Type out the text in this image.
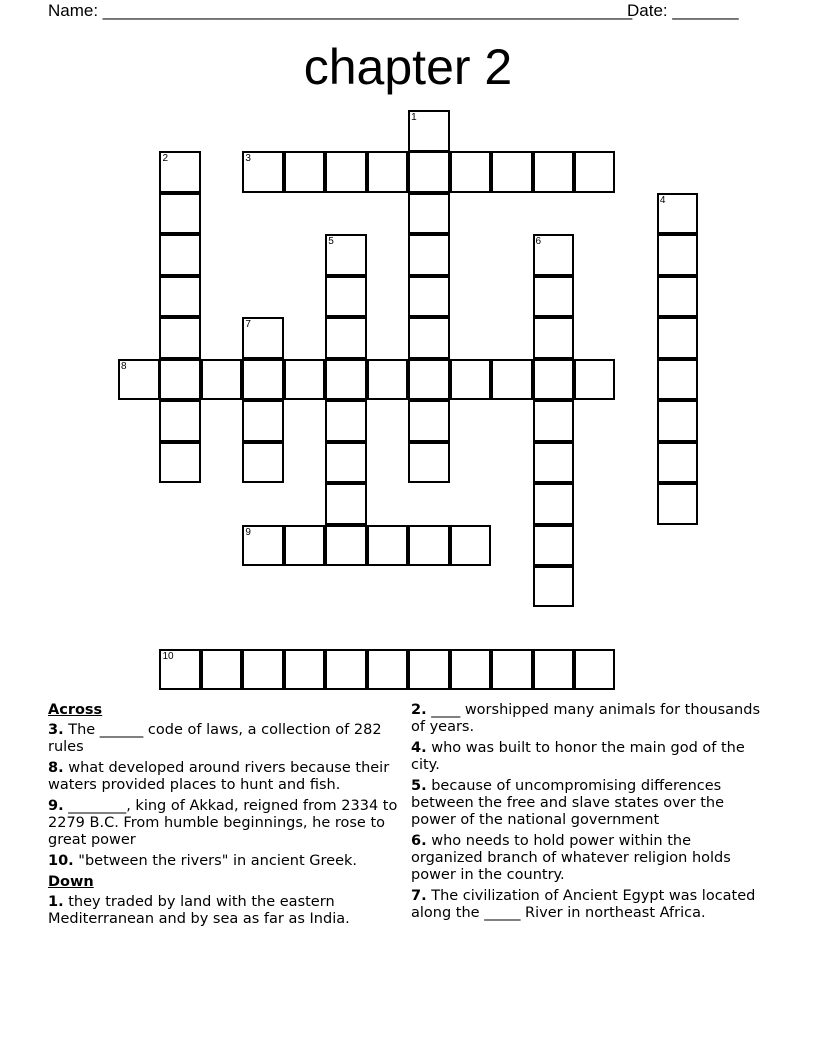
Name: ________________________________________________________
Date: _______
chapter 2
1
2	3
4
5	6
7
8
9
10
Across
3. The ______ code of laws, a collection of 282 rules
8. what developed around rivers because their waters provided places to hunt and fish.
9. ________, king of Akkad, reigned from 2334 to 2279 B.C. From humble beginnings, he rose to great power
10. "between the rivers" in ancient Greek.
Down
1. they traded by land with the eastern Mediterranean and by sea as far as India.
2. ____ worshipped many animals for thousands of years.
4. who was built to honor the main god of the city.
5. because of uncompromising differences between the free and slave states over the power of the national government
6. who needs to hold power within the organized branch of whatever religion holds power in the country.
7. The civilization of Ancient Egypt was located along the _____ River in northeast Africa.
